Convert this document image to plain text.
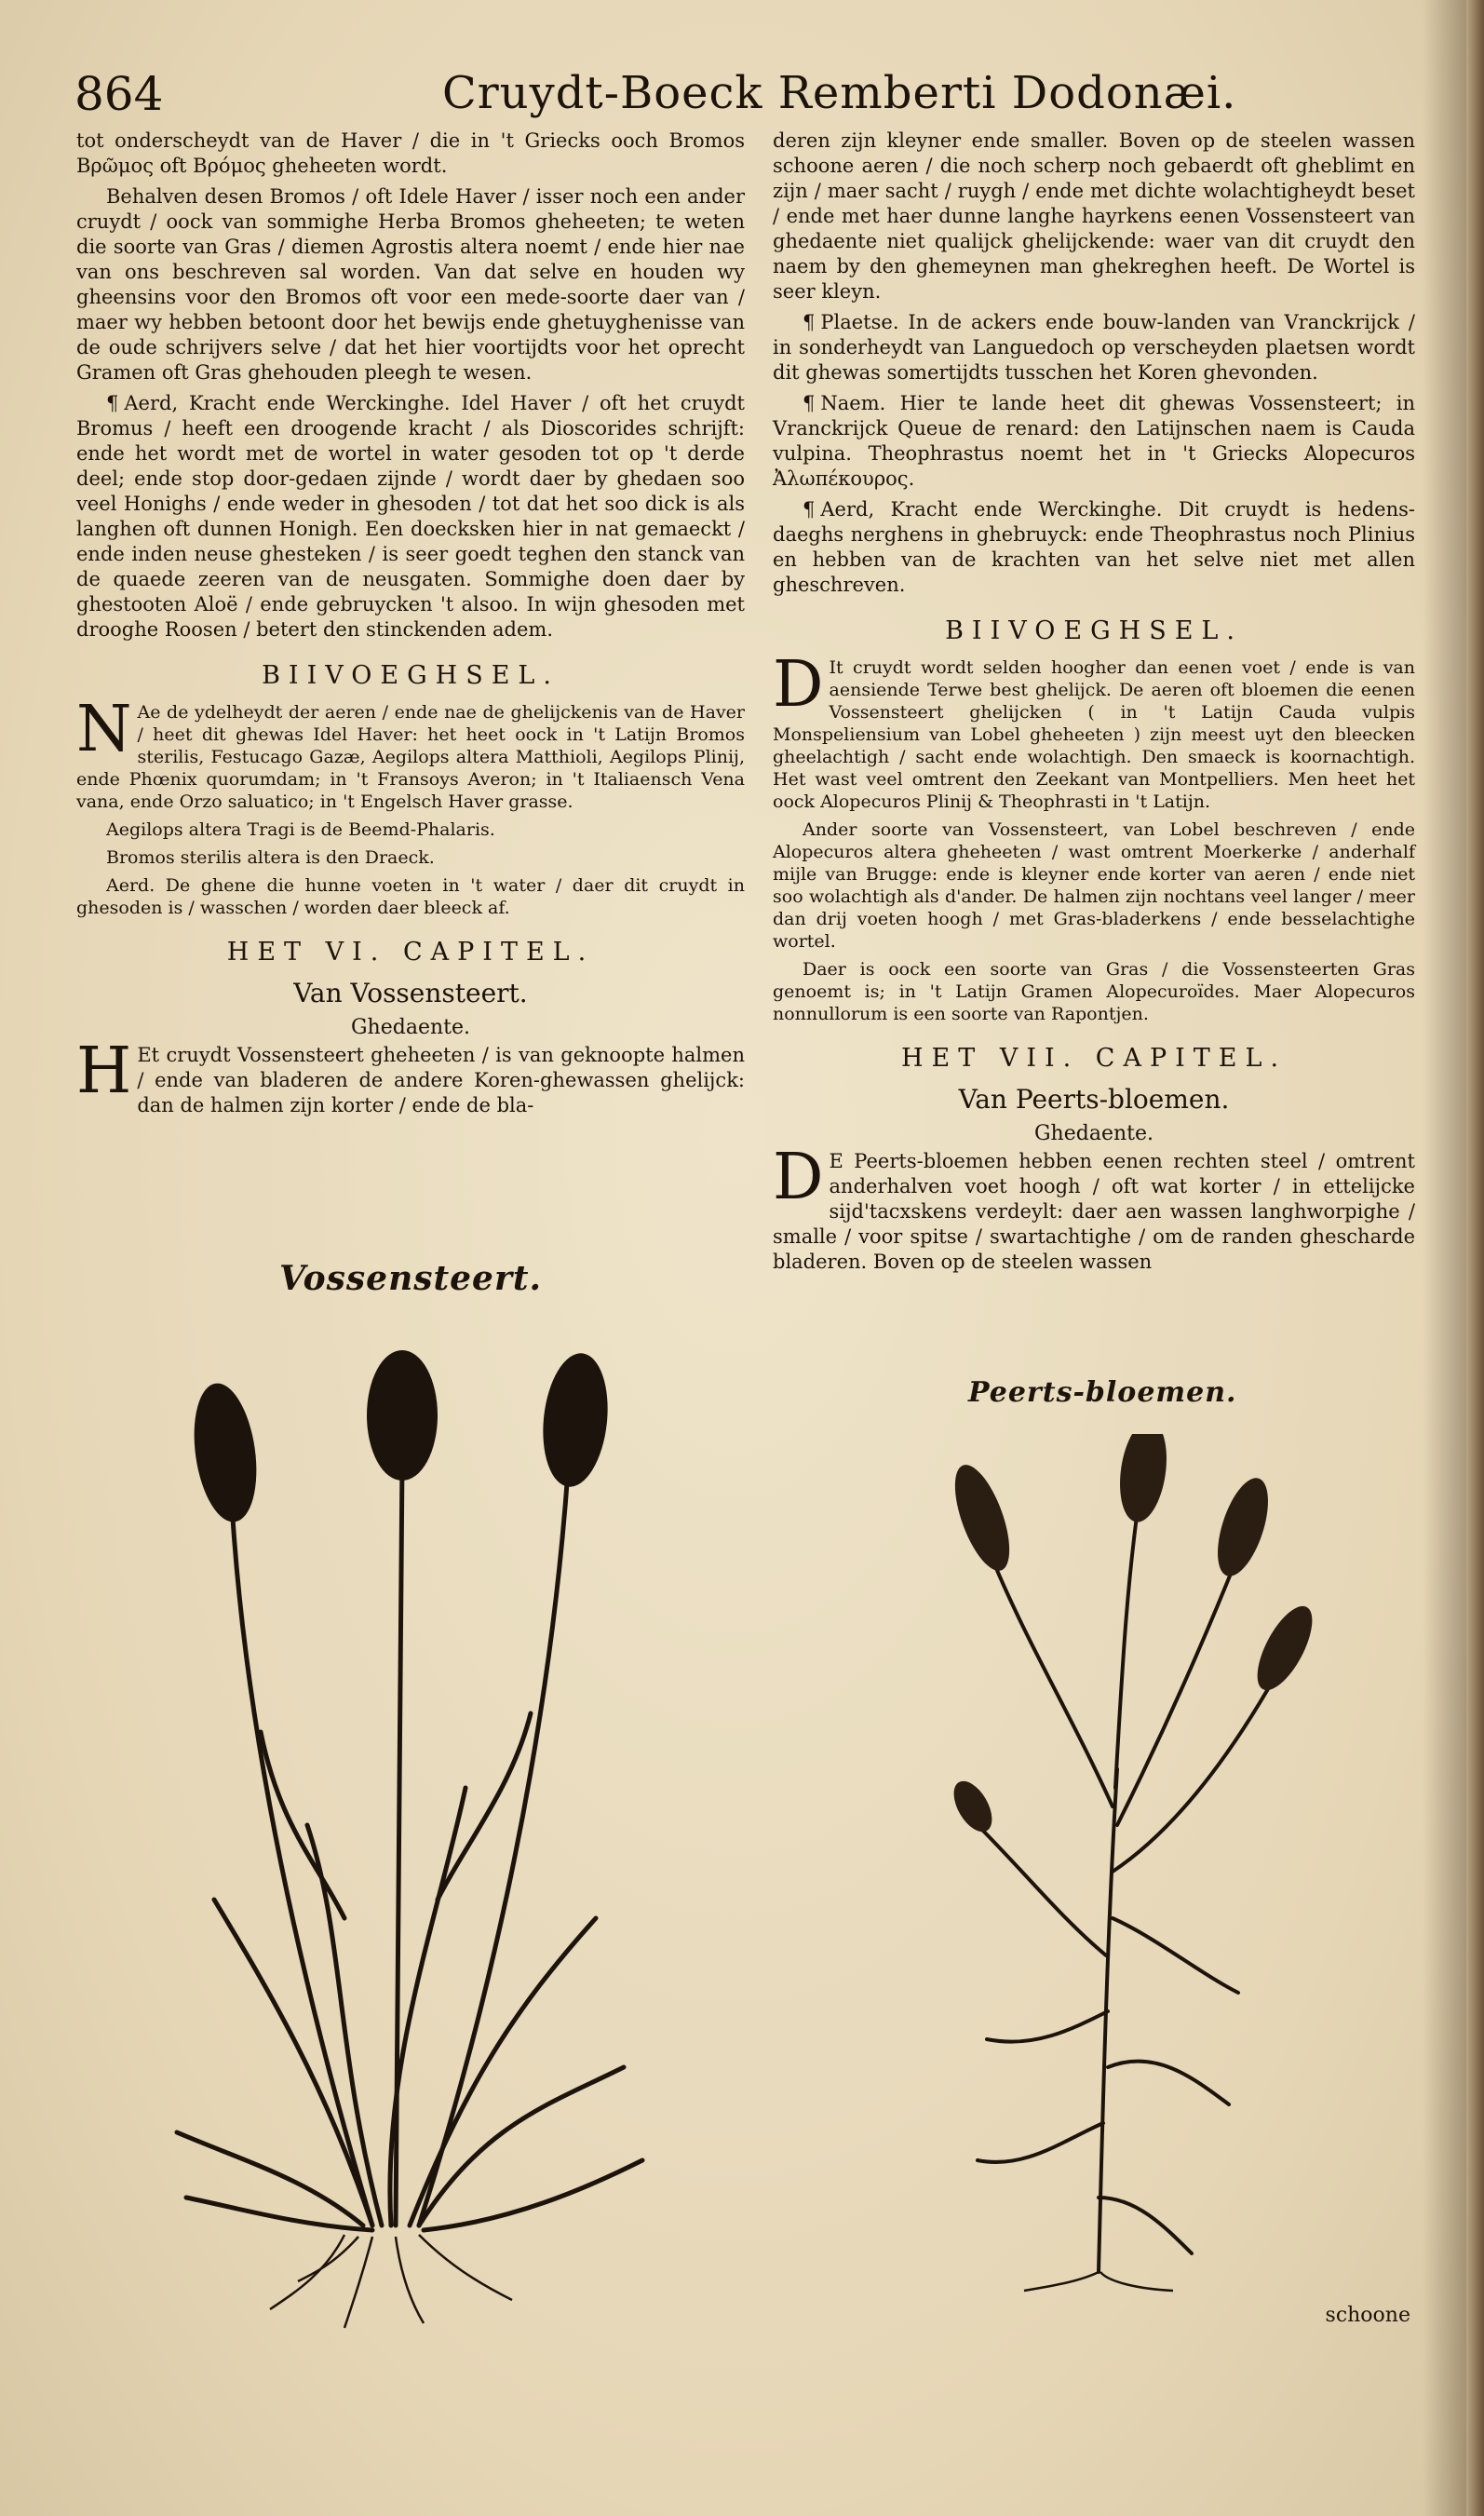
864	Cruydt-Boeck Remberti Dodonæi.

tot onderscheydt van de Haver / die in 't Griecks ooch Bromos Βρῶμος oft Βρόμος gheheeten wordt.

Behalven desen Bromos / oft Idele Haver / isser noch een ander cruydt / oock van sommighe Herba Bromos gheheeten; te weten die soorte van Gras / diemen Agrostis altera noemt / ende hier nae van ons beschreven sal worden. Van dat selve en houden wy gheensins voor den Bromos oft voor een mede-soorte daer van / maer wy hebben betoont door het bewijs ende ghetuyghenisse van de oude schrijvers selve / dat het hier voortijdts voor het oprecht Gramen oft Gras ghehouden pleegh te wesen.

¶ Aerd, Kracht ende Werckinghe. Idel Haver / oft het cruydt Bromus / heeft een droogende kracht / als Dioscorides schrijft: ende het wordt met de wortel in water gesoden tot op 't derde deel; ende stop door-gedaen zijnde / wordt daer by ghedaen soo veel Honighs / ende weder in ghesoden / tot dat het soo dick is als langhen oft dunnen Honigh. Een doecksken hier in nat gemaeckt / ende inden neuse ghesteken / is seer goedt teghen den stanck van de quaede zeeren van de neusgaten. Sommighe doen daer by ghestooten Aloë / ende gebruycken 't alsoo. In wijn ghesoden met drooghe Roosen / betert den stinckenden adem.

BIIVOEGHSEL.

N Ae de ydelheydt der aeren / ende nae de ghelijckenis van de Haver / heet dit ghewas Idel Haver: het heet oock in 't Latijn Bromos sterilis, Festucago Gazæ, Aegilops altera Matthioli, Aegilops Plinij, ende Phœnix quorumdam; in 't Fransoys Averon; in 't Italiaensch Vena vana, ende Orzo saluatico; in 't Engelsch Haver grasse.

Aegilops altera Tragi is de Beemd-Phalaris.

Bromos sterilis altera is den Draeck.

Aerd. De ghene die hunne voeten in 't water / daer dit cruydt in ghesoden is / wasschen / worden daer bleeck af.

HET VI. CAPITEL.
Van Vossensteert.
Ghedaente.

H Et cruydt Vossensteert gheheeten / is van geknoopte halmen / ende van bladeren de andere Koren-ghewassen ghelijck: dan de halmen zijn korter / ende de bla-

Vossensteert.

deren zijn kleyner ende smaller. Boven op de steelen wassen schoone aeren / die noch scherp noch gebaerdt oft gheblimt en zijn / maer sacht / ruygh / ende met dichte wolachtigheydt beset / ende met haer dunne langhe hayrkens eenen Vossensteert van ghedaente niet qualijck ghelijckende: waer van dit cruydt den naem by den ghemeynen man ghekreghen heeft. De Wortel is seer kleyn.

¶ Plaetse. In de ackers ende bouw-landen van Vranckrijck / in sonderheydt van Languedoch op verscheyden plaetsen wordt dit ghewas somertijdts tusschen het Koren ghevonden.

¶ Naem. Hier te lande heet dit ghewas Vossensteert; in Vranckrijck Queue de renard: den Latijnschen naem is Cauda vulpina. Theophrastus noemt het in 't Griecks Alopecuros Ἀλωπέκουρος.

¶ Aerd, Kracht ende Werckinghe. Dit cruydt is hedens-daeghs nerghens in ghebruyck: ende Theophrastus noch Plinius en hebben van de krachten van het selve niet met allen gheschreven.

BIIVOEGHSEL.

D It cruydt wordt selden hoogher dan eenen voet / ende is van aensiende Terwe best ghelijck. De aeren oft bloemen die eenen Vossensteert ghelijcken ( in 't Latijn Cauda vulpis Monspeliensium van Lobel gheheeten ) zijn meest uyt den bleecken gheelachtigh / sacht ende wolachtigh. Den smaeck is koornachtigh. Het wast veel omtrent den Zeekant van Montpelliers. Men heet het oock Alopecuros Plinij & Theophrasti in 't Latijn.

Ander soorte van Vossensteert, van Lobel beschreven / ende Alopecuros altera gheheeten / wast omtrent Moerkerke / anderhalf mijle van Brugge: ende is kleyner ende korter van aeren / ende niet soo wolachtigh als d'ander. De halmen zijn nochtans veel langer / meer dan drij voeten hoogh / met Gras-bladerkens / ende besselachtighe wortel.

Daer is oock een soorte van Gras / die Vossensteerten Gras genoemt is; in 't Latijn Gramen Alopecuroïdes. Maer Alopecuros nonnullorum is een soorte van Rapontjen.

HET VII. CAPITEL.
Van Peerts-bloemen.
Ghedaente.

D E Peerts-bloemen hebben eenen rechten steel / omtrent anderhalven voet hoogh / oft wat korter / in ettelijcke sijd'tacxskens verdeylt: daer aen wassen langhworpighe / smalle / voor spitse / swartachtighe / om de randen ghescharde bladeren. Boven op de steelen wassen

Peerts-bloemen.
schoone
